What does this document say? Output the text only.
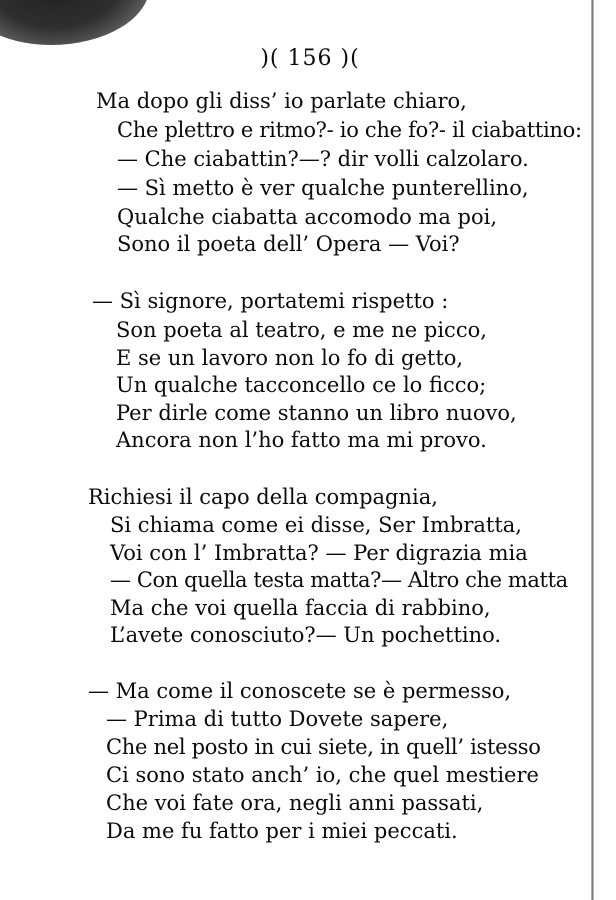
)( 156 )(
Ma dopo gli diss’ io parlate chiaro,
Che plettro e ritmo?- io che fo?- il ciabattino:
— Che ciabattin?—? dir volli calzolaro.
— Sì metto è ver qualche punterellino,
Qualche ciabatta accomodo ma poi,
Sono il poeta dell’ Opera — Voi?
— Sì signore, portatemi rispetto :
Son poeta al teatro, e me ne picco,
E se un lavoro non lo fo di getto,
Un qualche tacconcello ce lo ficco;
Per dirle come stanno un libro nuovo,
Ancora non l’ho fatto ma mi provo.
Richiesi il capo della compagnia,
Si chiama come ei disse, Ser Imbratta,
Voi con l’ Imbratta? — Per digrazia mia
— Con quella testa matta?— Altro che matta
Ma che voi quella faccia di rabbino,
L’avete conosciuto?— Un pochettino.
— Ma come il conoscete se è permesso,
— Prima di tutto Dovete sapere,
Che nel posto in cui siete, in quell’ istesso
Ci sono stato anch’ io, che quel mestiere
Che voi fate ora, negli anni passati,
Da me fu fatto per i miei peccati.
